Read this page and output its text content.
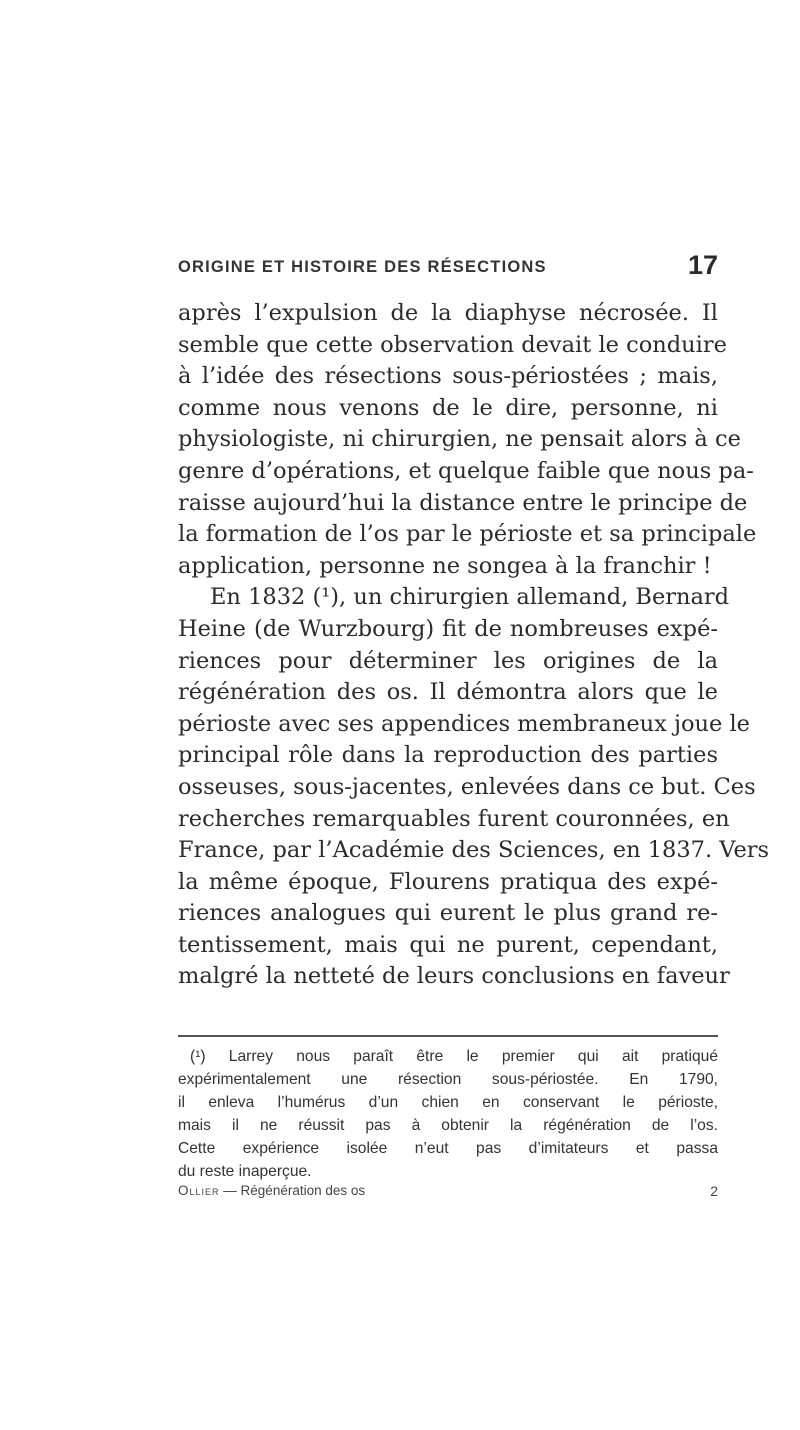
ORIGINE ET HISTOIRE DES RÉSECTIONS	17
après l’expulsion de la diaphyse nécrosée. Il
semble que cette observation devait le conduire
à l’idée des résections sous-périostées ; mais,
comme nous venons de le dire, personne, ni
physiologiste, ni chirurgien, ne pensait alors à ce
genre d’opérations, et quelque faible que nous pa-
raisse aujourd’hui la distance entre le principe de
la formation de l’os par le périoste et sa principale
application, personne ne songea à la franchir !
En 1832 (¹), un chirurgien allemand, Bernard
Heine (de Wurzbourg) fit de nombreuses expé-
riences pour déterminer les origines de la
régénération des os. Il démontra alors que le
périoste avec ses appendices membraneux joue le
principal rôle dans la reproduction des parties
osseuses, sous-jacentes, enlevées dans ce but. Ces
recherches remarquables furent couronnées, en
France, par l’Académie des Sciences, en 1837. Vers
la même époque, Flourens pratiqua des expé-
riences analogues qui eurent le plus grand re-
tentissement, mais qui ne purent, cependant,
malgré la netteté de leurs conclusions en faveur
(¹) Larrey nous paraît être le premier qui ait pratiqué
expérimentalement une résection sous-périostée. En 1790,
il enleva l’humérus d’un chien en conservant le périoste,
mais il ne réussit pas à obtenir la régénération de l’os.
Cette expérience isolée n’eut pas d’imitateurs et passa
du reste inaperçue.
Ollier — Régénération des os	2
